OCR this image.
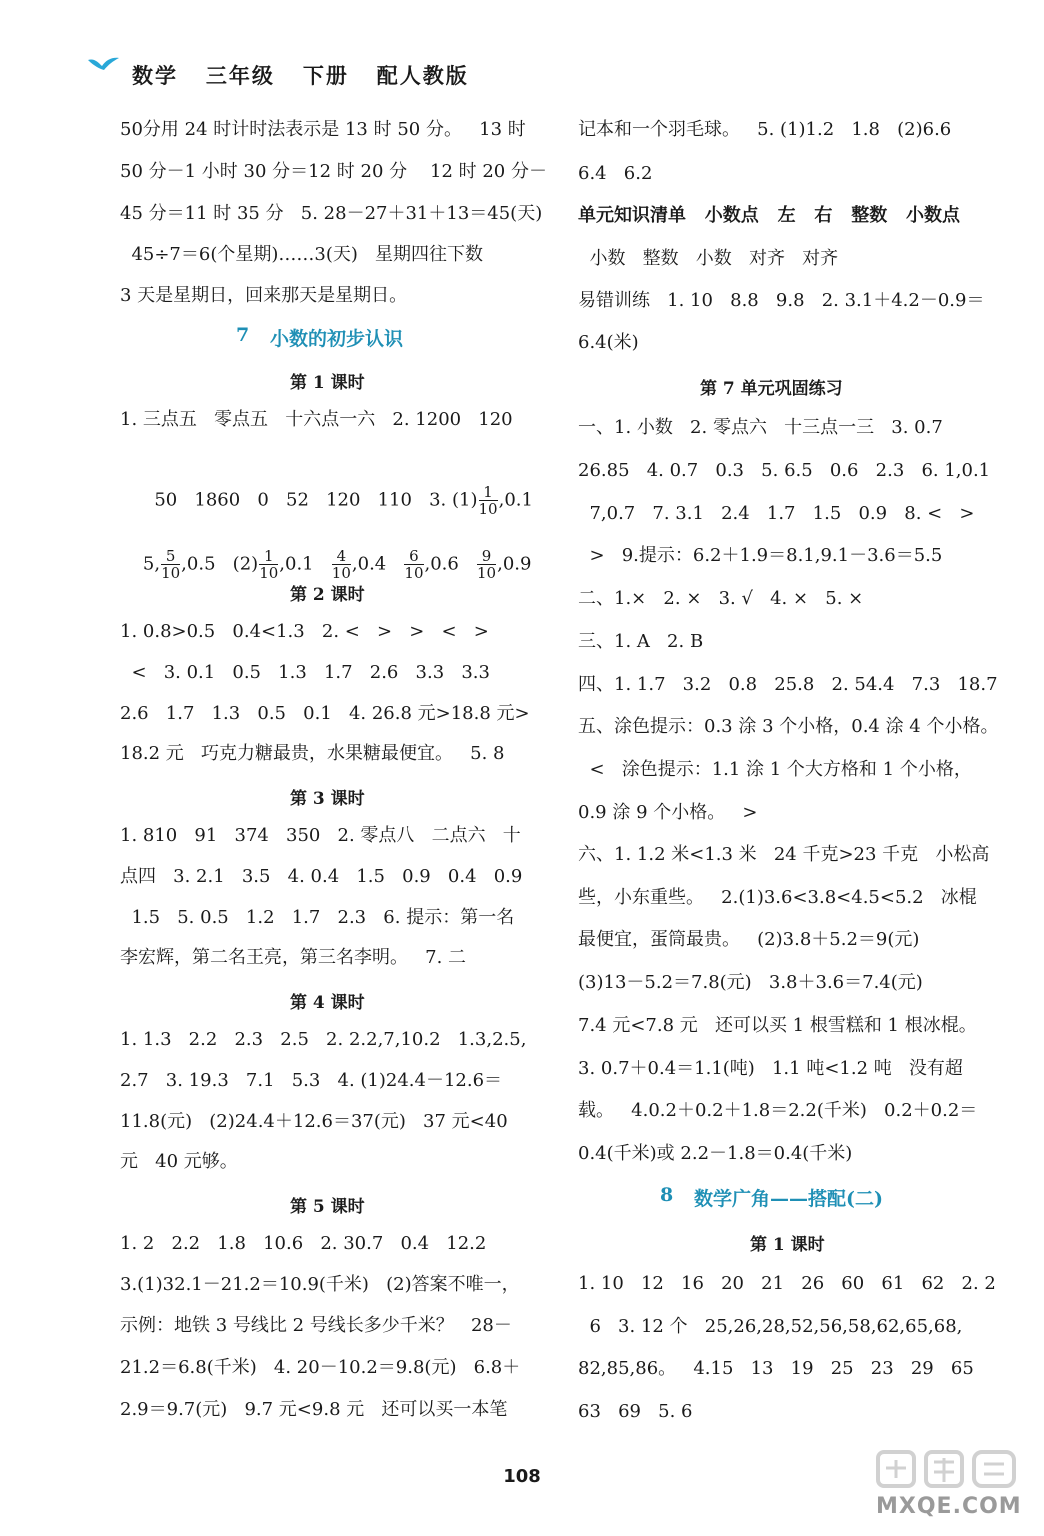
数学   三年级   下册   配人教版
50分用 24 时计时法表示是 13 时 50 分。   13 时
50 分－1 小时 30 分＝12 时 20 分    12 时 20 分－
45 分＝11 时 35 分   5. 28－27＋31＋13＝45(天)
45÷7＝6(个星期)……3(天)   星期四往下数
3 天是星期日，回来那天是星期日。
7 小数的初步认识
第 1 课时
1. 三点五   零点五   十六点一六   2. 1200   120

50   1860   0   52   120   110   3. $(1) \frac{1}{10} ,0.1$

5, $\frac{5}{10} ,0.5$   $(2) \frac{1}{10} ,0.1 \frac{4}{10} ,0.4 \frac{6}{10} ,0.6 \frac{9}{10} ,0.9$

第 2 课时
1. 0.8>0.5   0.4<1.3   2. <   >   >   <   >
<   3. 0.1   0.5   1.3   1.7   2.6   3.3   3.3
2.6   1.7   1.3   0.5   0.1   4. 26.8 元>18.8 元>
18.2 元   巧克力糖最贵，水果糖最便宜。   5. 8
第 3 课时
1. 810   91   374   350   2. 零点八   二点六   十
点四   3. 2.1   3.5   4. 0.4   1.5   0.9   0.4   0.9
1.5   5. 0.5   1.2   1.7   2.3   6. 提示：第一名
李宏辉，第二名王亮，第三名李明。   7. 二
第 4 课时
1. 1.3   2.2   2.3   2.5   2. 2.2,7,10.2   1.3,2.5,
2.7   3. 19.3   7.1   5.3   4. (1)24.4－12.6＝
11.8(元)   (2)24.4＋12.6＝37(元)   37 元<40
元   40 元够。
第 5 课时
1. 2   2.2   1.8   10.6   2. 30.7   0.4   12.2
3.(1)32.1－21.2＝10.9(千米)   (2)答案不唯一，
示例：地铁 3 号线比 2 号线长多少千米？   28－
21.2＝6.8(千米)   4. 20－10.2＝9.8(元)   6.8＋
2.9＝9.7(元)   9.7 元<9.8 元   还可以买一本笔
记本和一个羽毛球。   5. (1)1.2   1.8   (2)6.6
6.4   6.2
单元知识清单   小数点   左   右   整数   小数点
小数   整数   小数   对齐   对齐
易错训练   1. 10   8.8   9.8   2. 3.1＋4.2－0.9＝
6.4(米)
第 7 单元巩固练习
一、1. 小数   2. 零点六   十三点一三   3. 0.7
26.85   4. 0.7   0.3   5. 6.5   0.6   2.3   6. 1,0.1
7,0.7   7. 3.1   2.4   1.7   1.5   0.9   8. <   >
>   9.提示：6.2＋1.9＝8.1,9.1－3.6＝5.5
二、1.×   2. ×   3. √   4. ×   5. ×
三、1. A   2. B
四、1. 1.7   3.2   0.8   25.8   2. 54.4   7.3   18.7
五、涂色提示：0.3 涂 3 个小格，0.4 涂 4 个小格。
<   涂色提示：1.1 涂 1 个大方格和 1 个小格，
0.9 涂 9 个小格。   >
六、1. 1.2 米<1.3 米   24 千克>23 千克   小松高
些，小东重些。   2.(1)3.6<3.8<4.5<5.2   冰棍
最便宜，蛋筒最贵。   (2)3.8＋5.2＝9(元)
(3)13－5.2＝7.8(元)   3.8＋3.6＝7.4(元)
7.4 元<7.8 元   还可以买 1 根雪糕和 1 根冰棍。
3. 0.7＋0.4＝1.1(吨)   1.1 吨<1.2 吨   没有超
载。   4.0.2＋0.2＋1.8＝2.2(千米)   0.2＋0.2＝
0.4(千米)或 2.2－1.8＝0.4(千米)
8 数学广角——搭配(二)
第 1 课时
1. 10   12   16   20   21   26   60   61   62   2. 2
6   3. 12 个   25,26,28,52,56,58,62,65,68,
82,85,86。   4.15   13   19   25   23   29   65
63   69   5. 6
108
MXQE.COM
